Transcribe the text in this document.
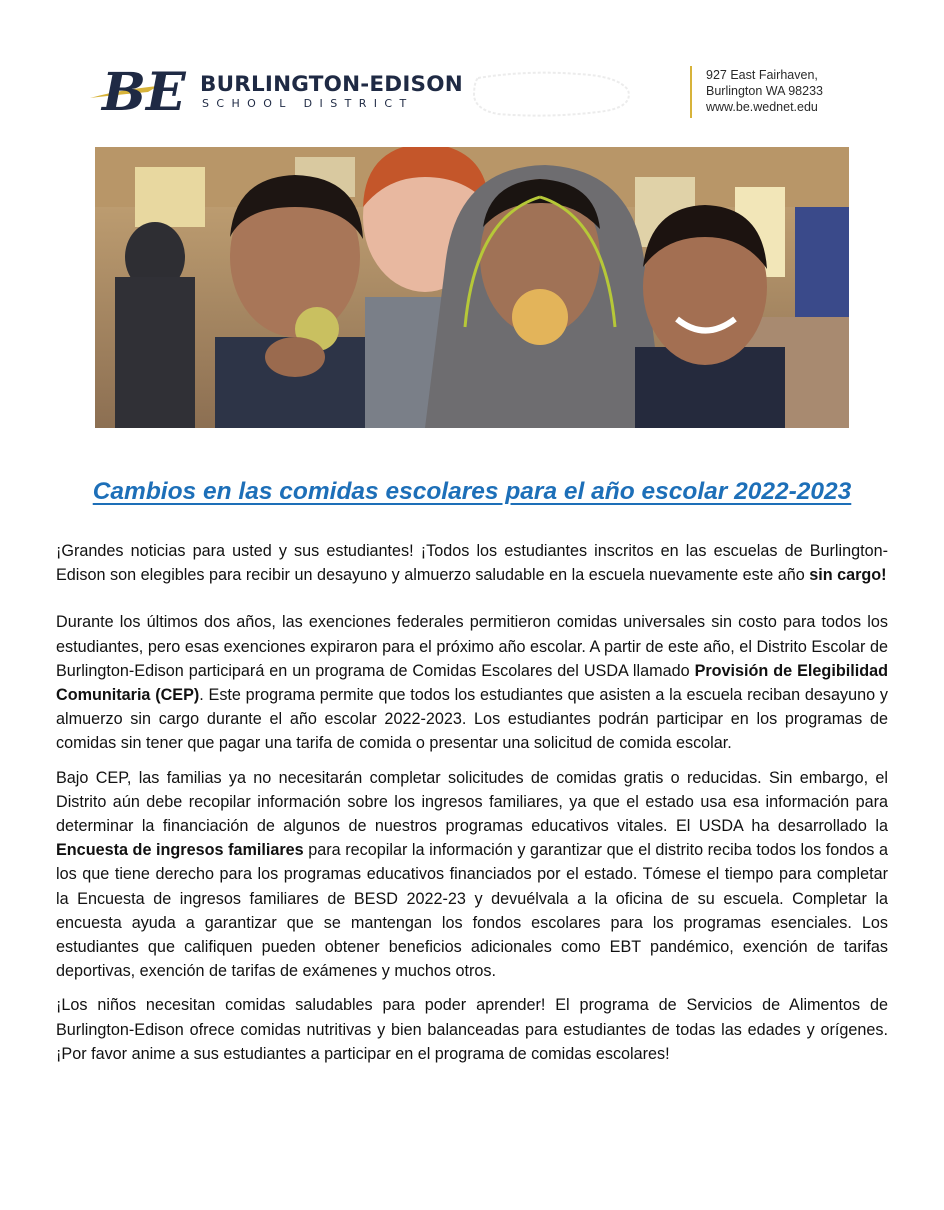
BE BURLINGTON-EDISON
SCHOOL DISTRICT
927 East Fairhaven,
Burlington WA 98233
www.be.wednet.edu
Cambios en las comidas escolares para el año escolar 2022-2023

¡Grandes noticias para usted y sus estudiantes! ¡Todos los estudiantes inscritos en las escuelas de Burlington-Edison son elegibles para recibir un desayuno y almuerzo saludable en la escuela nuevamente este año sin cargo!

Durante los últimos dos años, las exenciones federales permitieron comidas universales sin costo para todos los estudiantes, pero esas exenciones expiraron para el próximo año escolar. A partir de este año, el Distrito Escolar de Burlington-Edison participará en un programa de Comidas Escolares del USDA llamado Provisión de Elegibilidad Comunitaria (CEP). Este programa permite que todos los estudiantes que asisten a la escuela reciban desayuno y almuerzo sin cargo durante el año escolar 2022-2023. Los estudiantes podrán participar en los programas de comidas sin tener que pagar una tarifa de comida o presentar una solicitud de comida escolar.

Bajo CEP, las familias ya no necesitarán completar solicitudes de comidas gratis o reducidas. Sin embargo, el Distrito aún debe recopilar información sobre los ingresos familiares, ya que el estado usa esa información para determinar la financiación de algunos de nuestros programas educativos vitales. El USDA ha desarrollado la Encuesta de ingresos familiares para recopilar la información y garantizar que el distrito reciba todos los fondos a los que tiene derecho para los programas educativos financiados por el estado. Tómese el tiempo para completar la Encuesta de ingresos familiares de BESD 2022-23 y devuélvala a la oficina de su escuela. Completar la encuesta ayuda a garantizar que se mantengan los fondos escolares para los programas esenciales. Los estudiantes que califiquen pueden obtener beneficios adicionales como EBT pandémico, exención de tarifas deportivas, exención de tarifas de exámenes y muchos otros.

¡Los niños necesitan comidas saludables para poder aprender! El programa de Servicios de Alimentos de Burlington-Edison ofrece comidas nutritivas y bien balanceadas para estudiantes de todas las edades y orígenes. ¡Por favor anime a sus estudiantes a participar en el programa de comidas escolares!
